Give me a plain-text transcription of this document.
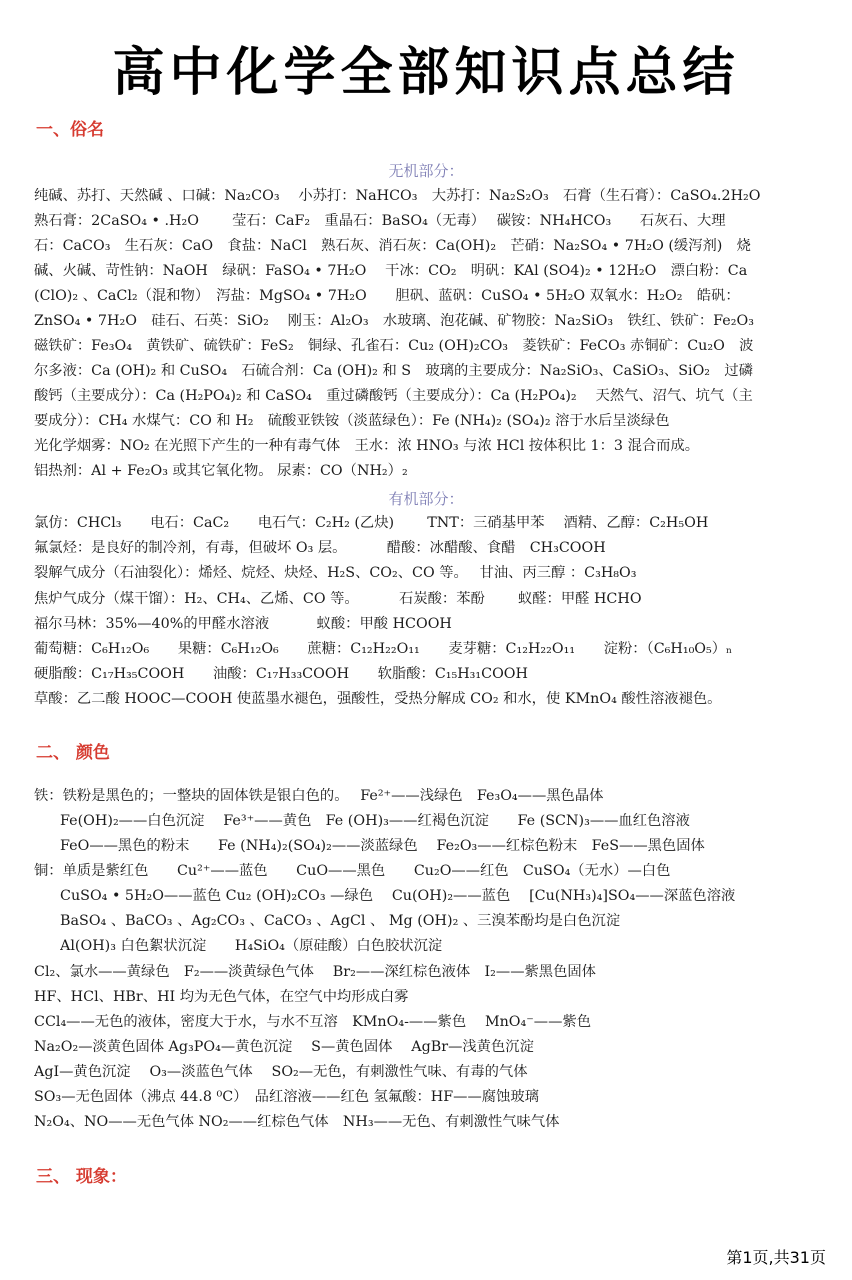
高中化学全部知识点总结
一、俗名
无机部分：
纯碱、苏打、天然碱 、口碱：Na₂CO₃　 小苏打：NaHCO₃　大苏打：Na₂S₂O₃　石膏（生石膏）：CaSO₄.2H₂O
熟石膏：2CaSO₄ • .H₂O　　 莹石：CaF₂　重晶石：BaSO₄（无毒）　 碳铵：NH₄HCO₃　　石灰石、大理
石：CaCO₃　生石灰：CaO　食盐：NaCl　熟石灰、消石灰：Ca(OH)₂　芒硝：Na₂SO₄ • 7H₂O (缓泻剂)　烧
碱、火碱、苛性钠：NaOH　绿矾：FaSO₄ • 7H₂O　 干冰：CO₂　明矾：KAl (SO4)₂ • 12H₂O　漂白粉：Ca
(ClO)₂ 、CaCl₂（混和物）　泻盐：MgSO₄ • 7H₂O　　胆矾、蓝矾：CuSO₄ • 5H₂O 双氧水：H₂O₂　皓矾：
ZnSO₄ • 7H₂O　硅石、石英：SiO₂　 刚玉：Al₂O₃　水玻璃、泡花碱、矿物胶：Na₂SiO₃　铁红、铁矿：Fe₂O₃
磁铁矿：Fe₃O₄　黄铁矿、硫铁矿：FeS₂　铜绿、孔雀石：Cu₂ (OH)₂CO₃　菱铁矿：FeCO₃ 赤铜矿：Cu₂O　波
尔多液：Ca (OH)₂ 和 CuSO₄　石硫合剂：Ca (OH)₂ 和 S　玻璃的主要成分：Na₂SiO₃、CaSiO₃、SiO₂　过磷
酸钙（主要成分）：Ca (H₂PO₄)₂ 和 CaSO₄　重过磷酸钙（主要成分）：Ca (H₂PO₄)₂　 天然气、沼气、坑气（主
要成分）：CH₄ 水煤气：CO 和 H₂　硫酸亚铁铵（淡蓝绿色）：Fe (NH₄)₂ (SO₄)₂ 溶于水后呈淡绿色
光化学烟雾：NO₂ 在光照下产生的一种有毒气体　王水：浓 HNO₃ 与浓 HCl 按体积比 1：3 混合而成。
铝热剂：Al + Fe₂O₃ 或其它氧化物。 尿素：CO（NH₂）₂
有机部分：
氯仿：CHCl₃　　电石：CaC₂　　电石气：C₂H₂ (乙炔)　　 TNT：三硝基甲苯　 酒精、乙醇：C₂H₅OH
氟氯烃：是良好的制冷剂，有毒，但破坏 O₃ 层。　　　 醋酸：冰醋酸、食醋　CH₃COOH
裂解气成分（石油裂化）：烯烃、烷烃、炔烃、H₂S、CO₂、CO 等。　 甘油、丙三醇 ：C₃H₈O₃
焦炉气成分（煤干馏）：H₂、CH₄、乙烯、CO 等。　　　 石炭酸：苯酚　　 蚁醛：甲醛 HCHO
福尔马林：35%—40%的甲醛水溶液　　　 蚁酸：甲酸 HCOOH
葡萄糖：C₆H₁₂O₆　　果糖：C₆H₁₂O₆　　蔗糖：C₁₂H₂₂O₁₁　　麦芽糖：C₁₂H₂₂O₁₁　　淀粉：（C₆H₁₀O₅）ₙ
硬脂酸：C₁₇H₃₅COOH　　油酸：C₁₇H₃₃COOH　　软脂酸：C₁₅H₃₁COOH
草酸：乙二酸 HOOC—COOH 使蓝墨水褪色，强酸性，受热分解成 CO₂ 和水，使 KMnO₄ 酸性溶液褪色。
二、 颜色
铁：铁粉是黑色的；一整块的固体铁是银白色的。　 Fe²⁺——浅绿色　Fe₃O₄——黑色晶体
Fe(OH)₂——白色沉淀　 Fe³⁺——黄色　Fe (OH)₃——红褐色沉淀　　Fe (SCN)₃——血红色溶液
FeO——黑色的粉末　　Fe (NH₄)₂(SO₄)₂——淡蓝绿色　 Fe₂O₃——红棕色粉末　FeS——黑色固体
铜：单质是紫红色　　Cu²⁺——蓝色　　CuO——黑色　　Cu₂O——红色　CuSO₄（无水）—白色
CuSO₄ • 5H₂O——蓝色 Cu₂ (OH)₂CO₃ —绿色　 Cu(OH)₂——蓝色　 [Cu(NH₃)₄]SO₄——深蓝色溶液
BaSO₄ 、BaCO₃ 、Ag₂CO₃ 、CaCO₃ 、AgCl 、 Mg (OH)₂ 、三溴苯酚均是白色沉淀
Al(OH)₃ 白色絮状沉淀　　H₄SiO₄（原硅酸）白色胶状沉淀
Cl₂、氯水——黄绿色　F₂——淡黄绿色气体　 Br₂——深红棕色液体　I₂——紫黑色固体
HF、HCl、HBr、HI 均为无色气体，在空气中均形成白雾
CCl₄——无色的液体，密度大于水，与水不互溶　KMnO₄-——紫色　 MnO₄⁻——紫色
Na₂O₂—淡黄色固体 Ag₃PO₄—黄色沉淀　 S—黄色固体　 AgBr—浅黄色沉淀
AgI—黄色沉淀　 O₃—淡蓝色气体　 SO₂—无色，有刺激性气味、有毒的气体
SO₃—无色固体（沸点 44.8 ⁰C）　品红溶液——红色 氢氟酸：HF——腐蚀玻璃
N₂O₄、NO——无色气体 NO₂——红棕色气体　NH₃——无色、有刺激性气味气体
三、 现象：
第1页,共31页
